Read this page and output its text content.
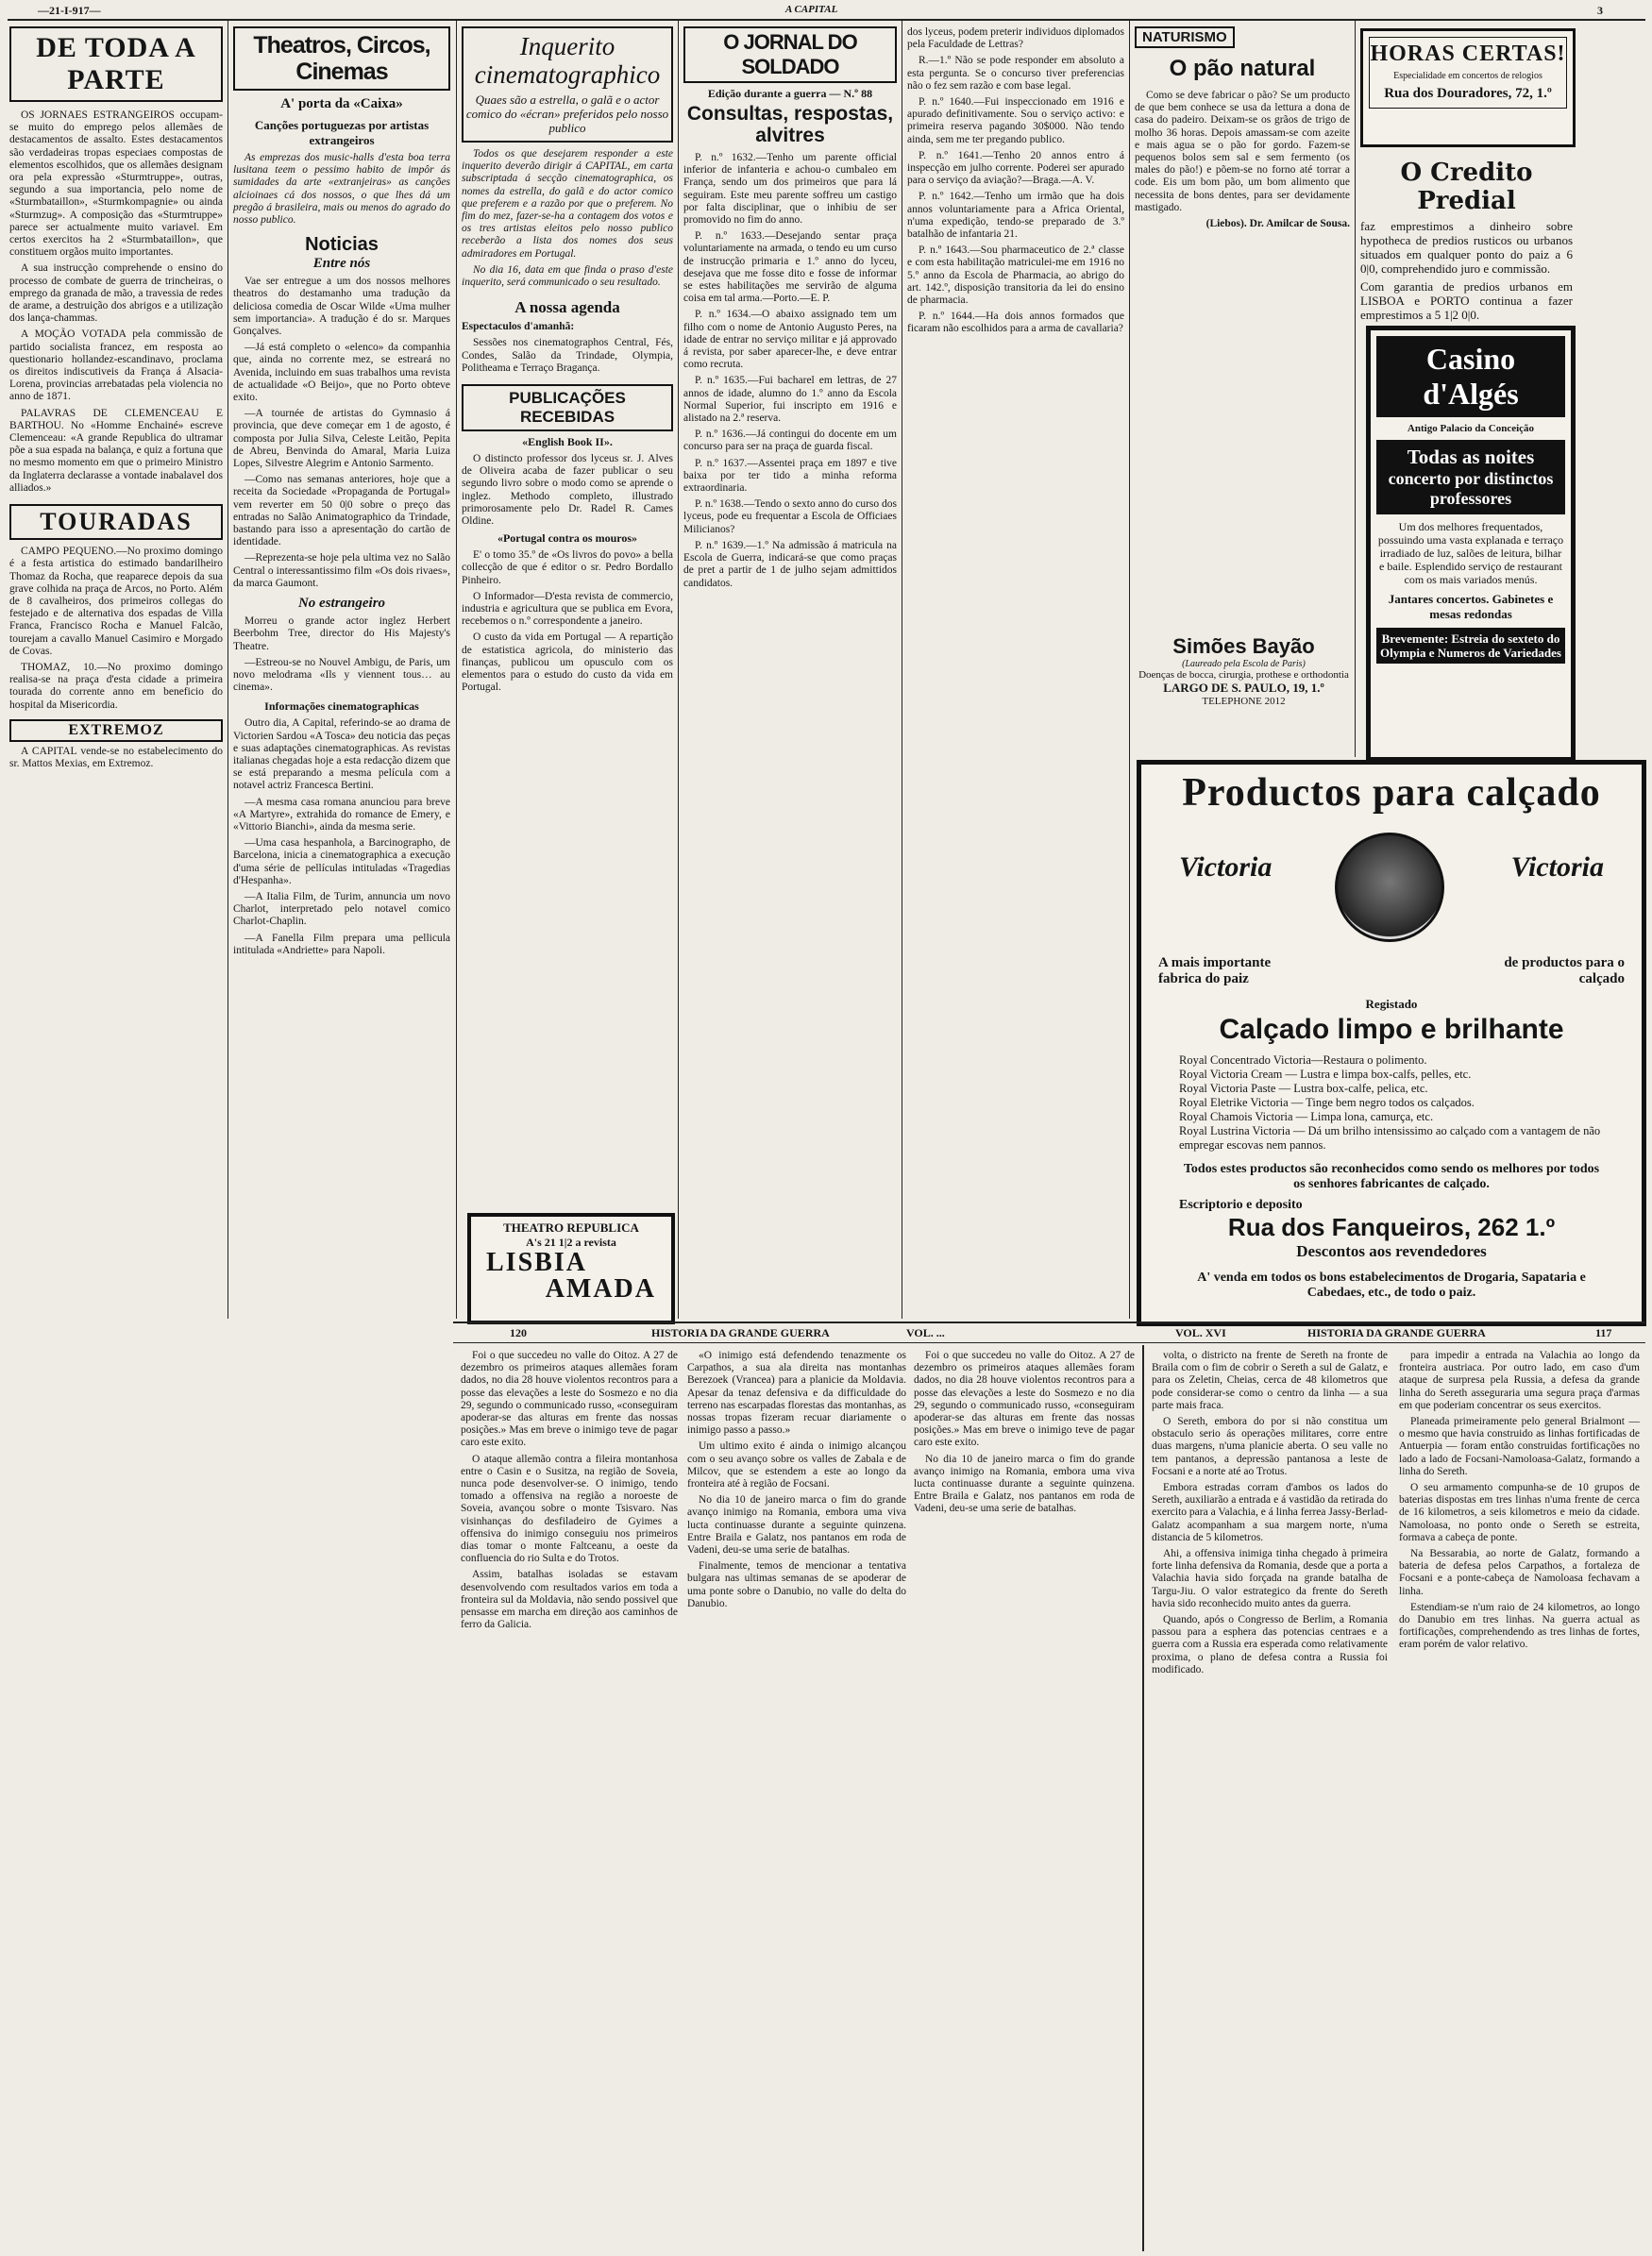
—21-I-917—	A CAPITAL	3
DE TODA A PARTE

OS JORNAES ESTRANGEIROS occupam-se muito do emprego pelos allemães de destacamentos de assalto. Estes destacamentos são verdadeiras tropas especiaes compostas de elementos escolhidos, que os allemães designam ora pela expressão «Sturmtruppe», outras, segundo a sua importancia, pelo nome de «Sturmbataillon», «Sturmkompagnie» ou ainda «Sturmzug». A composição das «Sturmtruppe» parece ser actualmente muito variavel. Em certos exercitos ha 2 «Sturmbataillon», que constituem orgãos muito importantes.

A sua instrucção comprehende o ensino do processo de combate de guerra de trincheiras, o emprego da granada de mão, a travessia de redes de arame, a destruição dos abrigos e a utilização dos lança-chammas.

A MOÇÃO VOTADA pela commissão de partido socialista francez, em resposta ao questionario hollandez-escandinavo, proclama os direitos indiscutiveis da França á Alsacia-Lorena, provincias arrebatadas pela violencia no anno de 1871.

PALAVRAS DE CLEMENCEAU E BARTHOU. No «Homme Enchainé» escreve Clemenceau: «A grande Republica do ultramar põe a sua espada na balança, e quiz a fortuna que no mesmo momento em que o primeiro Ministro da Inglaterra declarasse a vontade inabalavel dos alliados.»

TOURADAS

CAMPO PEQUENO.—No proximo domingo é a festa artistica do estimado bandarilheiro Thomaz da Rocha, que reaparece depois da sua grave colhida na praça de Arcos, no Porto. Além de 8 cavalheiros, dos primeiros collegas do festejado e de alternativa dos espadas de Villa Franca, Francisco Rocha e Manuel Falcão, tourejam a cavallo Manuel Casimiro e Morgado de Covas.

THOMAZ, 10.—No proximo domingo realisa-se na praça d'esta cidade a primeira tourada do corrente anno em beneficio do hospital da Misericordia.

EXTREMOZ

A CAPITAL vende-se no estabelecimento do sr. Mattos Mexias, em Extremoz.

Theatros, Circos, Cinemas
A' porta da «Caixa»
Canções portuguezas por artistas extrangeiros

As emprezas dos music-halls d'esta boa terra lusitana teem o pessimo habito de impôr ás sumidades da arte «extranjeiras» as canções alcioinaes cá dos nossos, o que lhes dá um pregão á brasileira, mais ou menos do agrado do nosso publico.

Noticias
Entre nós

Vae ser entregue a um dos nossos melhores theatros do destamanho uma tradução da deliciosa comedia de Oscar Wilde «Uma mulher sem importancia». A tradução é do sr. Marques Gonçalves.

—Já está completo o «elenco» da companhia que, ainda no corrente mez, se estreará no Avenida, incluindo em suas trabalhos uma revista de actualidade «O Beijo», que no Porto obteve exito.

—A tournée de artistas do Gymnasio á provincia, que deve começar em 1 de agosto, é composta por Julia Silva, Celeste Leitão, Pepita de Abreu, Benvinda do Amaral, Maria Luiza Lopes, Silvestre Alegrim e Antonio Sarmento.

—Como nas semanas anteriores, hoje que a receita da Sociedade «Propaganda de Portugal» vem reverter em 50 0|0 sobre o preço das entradas no Salão Animatographico da Trindade, bastando para isso a apresentação do cartão de identidade.

—Reprezenta-se hoje pela ultima vez no Salão Central o interessantissimo film «Os dois rivaes», da marca Gaumont.

No estrangeiro

Morreu o grande actor inglez Herbert Beerbohm Tree, director do His Majesty's Theatre.

—Estreou-se no Nouvel Ambigu, de Paris, um novo melodrama «Ils y viennent tous… au cinema».

Informações cinematographicas

Outro dia, A Capital, referindo-se ao drama de Victorien Sardou «A Tosca» deu noticia das peças e suas adaptações cinematographicas. As revistas italianas chegadas hoje a esta redacção dizem que se está preparando a mesma película com a notavel actriz Francesca Bertini.

—A mesma casa romana anunciou para breve «A Martyre», extrahida do romance de Emery, e «Vittorio Bianchi», ainda da mesma serie.

—Uma casa hespanhola, a Barcinographo, de Barcelona, inicia a cinematographica a execução d'uma série de pellículas intituladas «Tragedias d'Hespanha».

—A Italia Film, de Turim, annuncia um novo Charlot, interpretado pelo notavel comico Charlot-Chaplin.

—A Fanella Film prepara uma pellicula intitulada «Andriette» para Napoli.

Inquerito cinematographico
Quaes são a estrella, o galã e o actor comico do «écran» preferidos pelo nosso publico

Todos os que desejarem responder a este inquerito deverão dirigir á CAPITAL, em carta subscriptada á secção cinematographica, os nomes da estrella, do galã e do actor comico que preferem e a razão por que o preferem. No fim do mez, fazer-se-ha a contagem dos votos e os tres artistas eleitos pelo nosso publico receberão a lista dos nomes dos seus admiradores em Portugal.

No dia 16, data em que finda o praso d'este inquerito, será communicado o seu resultado.

A nossa agenda

Espectaculos d'amanhã:

Sessões nos cinematographos Central, Fés, Condes, Salão da Trindade, Olympia, Politheama e Terraço Bragança.

PUBLICAÇÕES RECEBIDAS
«English Book II».

O distincto professor dos lyceus sr. J. Alves de Oliveira acaba de fazer publicar o seu segundo livro sobre o modo como se aprende o inglez. Methodo completo, illustrado primorosamente pelo Dr. Radel R. Cames Oldine.

«Portugal contra os mouros»

E' o tomo 35.º de «Os livros do povo» a bella collecção de que é editor o sr. Pedro Bordallo Pinheiro.

O Informador—D'esta revista de commercio, industria e agricultura que se publica em Evora, recebemos o n.º correspondente a janeiro.

O custo da vida em Portugal — A repartição de estatistica agricola, do ministerio das finanças, publicou um opusculo com os elementos para o estudo do custo da vida em Portugal.

THEATRO REPUBLICA
A's 21 1|2 a revista
LISBIA
AMADA
O JORNAL DO SOLDADO
Edição durante a guerra — N.º 88
Consultas, respostas, alvitres

P. n.º 1632.—Tenho um parente official inferior de infanteria e achou-o cumbaleo em França, sendo um dos primeiros que para lá seguiram. Este meu parente soffreu um castigo por falta disciplinar, que o inhibiu de ser promovido no fim do anno.

P. n.º 1633.—Desejando sentar praça voluntariamente na armada, o tendo eu um curso de instrucção primaria e 1.º anno do lyceu, desejava que me fosse dito e fosse de informar se estes habilitações me servirão de alguma coisa em tal arma.—Porto.—E. P.

P. n.º 1634.—O abaixo assignado tem um filho com o nome de Antonio Augusto Peres, na idade de entrar no serviço militar e já approvado á revista, por saber aparecer-lhe, e deve entrar como recruta.

P. n.º 1635.—Fui bacharel em lettras, de 27 annos de idade, alumno do 1.º anno da Escola Normal Superior, fui inscripto em 1916 e alistado na 2.ª reserva.

P. n.º 1636.—Já contingui do docente em um concurso para ser na praça de guarda fiscal.

P. n.º 1637.—Assentei praça em 1897 e tive baixa por ter tido a minha reforma extraordinaria.

P. n.º 1638.—Tendo o sexto anno do curso dos lyceus, pode eu frequentar a Escola de Officiaes Milicianos?

P. n.º 1639.—1.º Na admissão á matricula na Escola de Guerra, indicará-se que como praças de pret a partir de 1 de julho sejam admittidos candidatos.

dos lyceus, podem preterir individuos diplomados pela Faculdade de Lettras?

R.—1.º Não se pode responder em absoluto a esta pergunta. Se o concurso tiver preferencias não o fez sem razão e com base legal.

P. n.º 1640.—Fui inspeccionado em 1916 e apurado definitivamente. Sou o serviço activo: e primeira reserva pagando 30$000. Não tendo ainda, sem me ter pregando publico.

P. n.º 1641.—Tenho 20 annos entro á inspecção em julho corrente. Poderei ser apurado para o serviço da aviação?—Braga.—A. V.

P. n.º 1642.—Tenho um irmão que ha dois annos voluntariamente para a Africa Oriental, n'uma expedição, tendo-se preparado de 3.º batalhão de infantaria 21.

P. n.º 1643.—Sou pharmaceutico de 2.ª classe e com esta habilitação matriculei-me em 1916 no 5.º anno da Escola de Pharmacia, ao abrigo do art. 142.º, disposição transitoria da lei do ensino de pharmacia.

P. n.º 1644.—Ha dois annos formados que ficaram não escolhidos para a arma de cavallaria?

NATURISMO
O pão natural

Como se deve fabricar o pão? Se um producto de que bem conhece se usa da lettura a dona de casa do padeiro. Deixam-se os grãos de trigo de molho 36 horas. Depois amassam-se com azeite e mais agua se o pão for gordo. Fazem-se pequenos bolos sem sal e sem fermento (os males do pão!) e põem-se no forno até torrar a code. Eis um bom pão, um bom alimento que necessita de bons dentes, para ser devidamente mastigado.

(Liebos). Dr. Amilcar de Sousa.

HORAS CERTAS!
Especialidade em concertos de relogios
Rua dos Douradores, 72, 1.º
O Credito Predial

faz emprestimos a dinheiro sobre hypotheca de predios rusticos ou urbanos situados em qualquer ponto do paiz a 6 0|0, comprehendido juro e commissão.

Com garantia de predios urbanos em LISBOA e PORTO continua a fazer emprestimos a 5 1|2 0|0.

Casino d'Algés
Antigo Palacio da Conceição
Todas as noites
concerto por distinctos
professores

Um dos melhores frequentados, possuindo uma vasta explanada e terraço irradiado de luz, salões de leitura, bilhar e baile. Esplendido serviço de restaurant com os mais variados menús.

Jantares concertos. Gabinetes e mesas redondas
Brevemente: Estreia do sexteto do Olympia e Numeros de Variedades
Simões Bayão
(Laureado pela Escola de Paris)
Doenças de bocca, cirurgia, prothese e orthodontia
LARGO DE S. PAULO, 19, 1.º
TELEPHONE 2012
Productos para calçado
Victoria	Victoria
A mais importante fabrica do paiz
de productos para o calçado
Registado
Calçado limpo e brilhante
Royal Concentrado Victoria—Restaura o polimento.
Royal Victoria Cream — Lustra e limpa box-calfs, pelles, etc.
Royal Victoria Paste — Lustra box-calfe, pelica, etc.
Royal Eletrike Victoria — Tinge bem negro todos os calçados.
Royal Chamois Victoria — Limpa lona, camurça, etc.
Royal Lustrina Victoria — Dá um brilho intensissimo ao calçado com a vantagem de não empregar escovas nem pannos.
Todos estes productos são reconhecidos como sendo os melhores por todos os senhores fabricantes de calçado.
Escriptorio e deposito
Rua dos Fanqueiros, 262 1.º
Descontos aos revendedores
A' venda em todos os bons estabelecimentos de Drogaria, Sapataria e Cabedaes, etc., de todo o paiz.
120	HISTORIA DA GRANDE GUERRA	VOL. ...	VOL. XVI	HISTORIA DA GRANDE GUERRA	117

Foi o que succedeu no valle do Oitoz. A 27 de dezembro os primeiros ataques allemães foram dados, no dia 28 houve violentos recontros para a posse das elevações a leste do Sosmezo e no dia 29, segundo o communicado russo, «conseguiram apoderar-se das alturas em frente das nossas posições.» Mas em breve o inimigo teve de pagar caro este exito.

O ataque allemão contra a fileira montanhosa entre o Casin e o Susitza, na região de Soveia, nunca pode desenvolver-se. O inimigo, tendo tomado a offensiva na região a noroeste de Soveia, avançou sobre o monte Tsisvaro. Nas visinhanças do desfiladeiro de Gyimes a offensiva do inimigo conseguiu nos primeiros dias tomar o monte Faltceanu, a oeste da confluencia do rio Sulta e do Trotos.

Assim, batalhas isoladas se estavam desenvolvendo com resultados varios em toda a fronteira sul da Moldavia, não sendo possivel que pensasse em marcha em direção aos caminhos de ferro da Galicia.

«O inimigo está defendendo tenazmente os Carpathos, a sua ala direita nas montanhas Berezoek (Vrancea) para a planicie da Moldavia. Apesar da tenaz defensiva e da difficuldade do terreno nas escarpadas florestas das montanhas, as nossas tropas fizeram recuar diariamente o inimigo passo a passo.»

Um ultimo exito é ainda o inimigo alcançou com o seu avanço sobre os valles de Zabala e de Milcov, que se estendem a este ao longo da fronteira até à região de Focsani.

No dia 10 de janeiro marca o fim do grande avanço inimigo na Romania, embora uma viva lucta continuasse durante a seguinte quinzena. Entre Braila e Galatz, nos pantanos em roda de Vadeni, deu-se uma serie de batalhas.

Finalmente, temos de mencionar a tentativa bulgara nas ultimas semanas de se apoderar de uma ponte sobre o Danubio, no valle do delta do Danubio.

Foi o que succedeu no valle do Oitoz. A 27 de dezembro os primeiros ataques allemães foram dados, no dia 28 houve violentos recontros para a posse das elevações a leste do Sosmezo e no dia 29, segundo o communicado russo, «conseguiram apoderar-se das alturas em frente das nossas posições.» Mas em breve o inimigo teve de pagar caro este exito.

No dia 10 de janeiro marca o fim do grande avanço inimigo na Romania, embora uma viva lucta continuasse durante a seguinte quinzena. Entre Braila e Galatz, nos pantanos em roda de Vadeni, deu-se uma serie de batalhas.

volta, o districto na frente de Sereth na fronte de Braila com o fim de cobrir o Sereth a sul de Galatz, e para os Zeletin, Cheias, cerca de 48 kilometros que pode considerar-se como o centro da linha — a sua parte mais fraca.

O Sereth, embora do por si não constitua um obstaculo serio ás operações militares, corre entre duas margens, n'uma planicie aberta. O seu valle no tem pantanos, a depressão pantanosa a leste de Focsani e a norte até ao Trotus.

Embora estradas corram d'ambos os lados do Sereth, auxiliarão a entrada e á vastidão da retirada do exercito para a Valachia, e á linha ferrea Jassy-Berlad-Galatz acompanham a sua margem norte, n'uma distancia de 5 kilometros.

Ahi, a offensiva inimiga tinha chegado à primeira forte linha defensiva da Romania, desde que a porta a Valachia havia sido forçada na grande batalha de Targu-Jiu. O valor estrategico da frente do Sereth havia sido reconhecido muito antes da guerra.

Quando, após o Congresso de Berlim, a Romania passou para a esphera das potencias centraes e a guerra com a Russia era esperada como relativamente proxima, o plano de defesa contra a Russia foi modificado.

para impedir a entrada na Valachia ao longo da fronteira austriaca. Por outro lado, em caso d'um ataque de surpresa pela Russia, a defesa da grande linha do Sereth asseguraria uma segura praça d'armas em que poderiam concentrar os seus exercitos.

Planeada primeiramente pelo general Brialmont — o mesmo que havia construido as linhas fortificadas de Antuerpia — foram então construidas fortificações no lado a lado de Focsani-Namoloasa-Galatz, formando a linha do Sereth.

O seu armamento compunha-se de 10 grupos de baterias dispostas em tres linhas n'uma frente de cerca de 16 kilometros, a seis kilometros e meio da cidade. Namoloasa, no ponto onde o Sereth se estreita, formava a cabeça de ponte.

Na Bessarabia, ao norte de Galatz, formando a bateria de defesa pelos Carpathos, a fortaleza de Focsani e a ponte-cabeça de Namoloasa fechavam a linha.

Estendiam-se n'um raio de 24 kilometros, ao longo do Danubio em tres linhas. Na guerra actual as fortificações, comprehendendo as tres linhas de fortes, eram porém de valor relativo.
